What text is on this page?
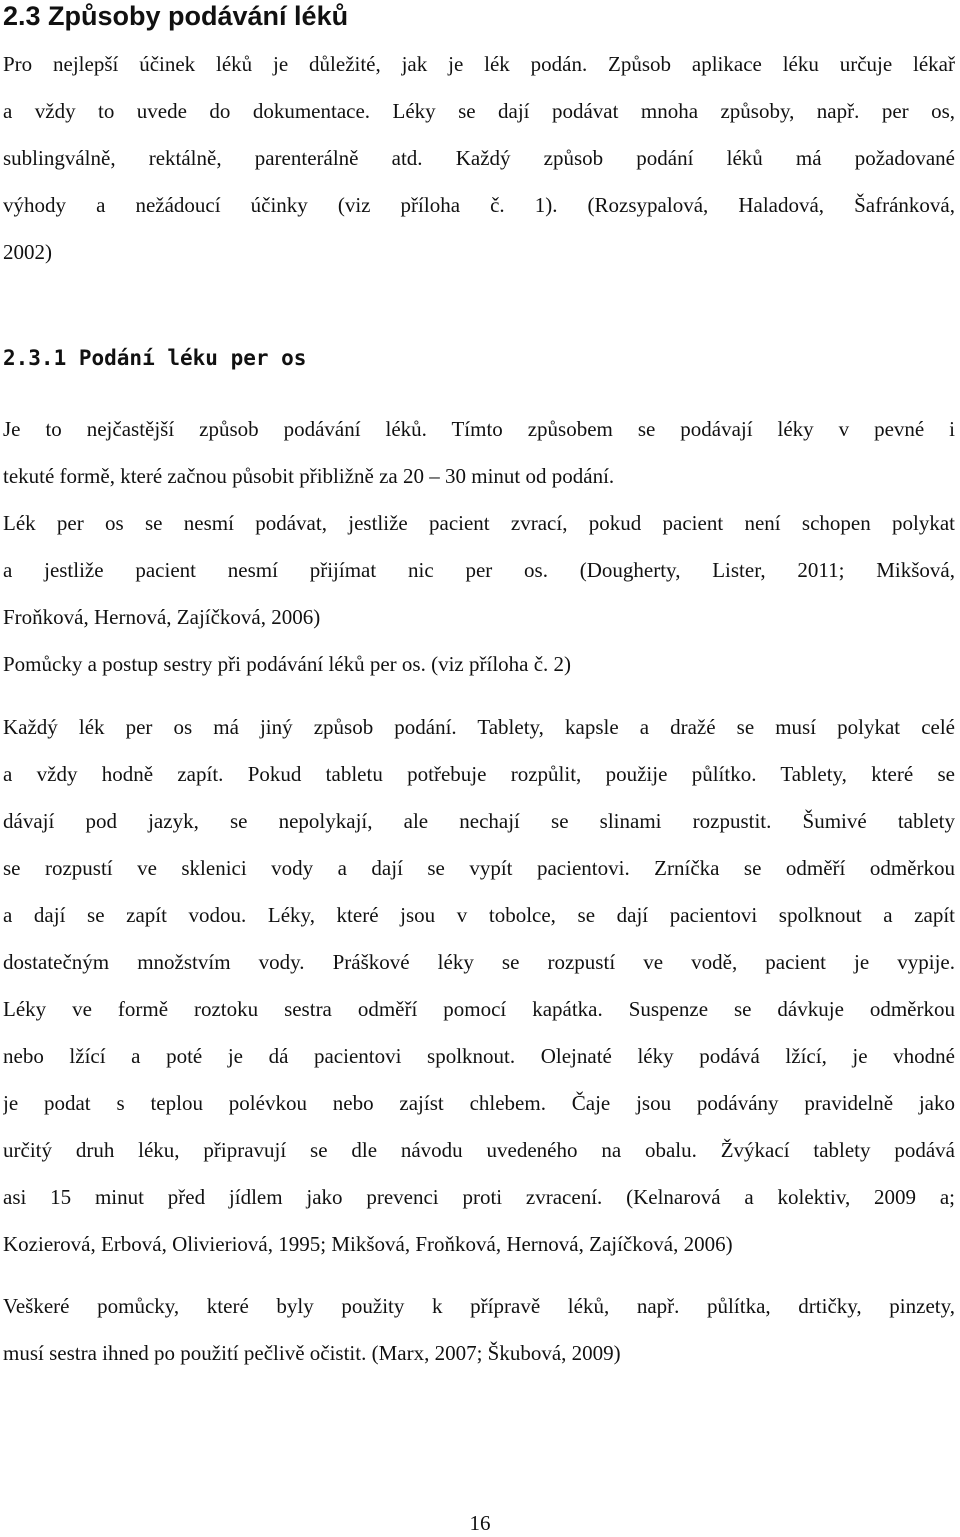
2.3 Způsoby podávání léků
Pro nejlepší účinek léků je důležité, jak je lék podán. Způsob aplikace léku určuje lékař
a vždy to uvede do dokumentace. Léky se dají podávat mnoha způsoby, např. per os,
sublingválně, rektálně, parenterálně atd. Každý způsob podání léků má požadované
výhody a nežádoucí účinky (viz příloha č. 1). (Rozsypalová, Haladová, Šafránková,
2002)
2.3.1 Podání léku per os
Je to nejčastější způsob podávání léků. Tímto způsobem se podávají léky v pevné i
tekuté formě, které začnou působit přibližně za 20 – 30 minut od podání.
Lék per os se nesmí podávat, jestliže pacient zvrací, pokud pacient není schopen polykat
a jestliže pacient nesmí přijímat nic per os. (Dougherty, Lister, 2011; Mikšová,
Froňková, Hernová, Zajíčková, 2006)
Pomůcky a postup sestry při podávání léků per os. (viz příloha č. 2)
Každý lék per os má jiný způsob podání. Tablety, kapsle a dražé se musí polykat celé
a vždy hodně zapít. Pokud tabletu potřebuje rozpůlit, použije půlítko. Tablety, které se
dávají pod jazyk, se nepolykají, ale nechají se slinami rozpustit. Šumivé tablety
se rozpustí ve sklenici vody a dají se vypít pacientovi. Zrníčka se odměří odměrkou
a dají se zapít vodou. Léky, které jsou v tobolce, se dají pacientovi spolknout a zapít
dostatečným množstvím vody. Práškové léky se rozpustí ve vodě, pacient je vypije.
Léky ve formě roztoku sestra odměří pomocí kapátka. Suspenze se dávkuje odměrkou
nebo lžící a poté je dá pacientovi spolknout. Olejnaté léky podává lžící, je vhodné
je podat s teplou polévkou nebo zajíst chlebem. Čaje jsou podávány pravidelně jako
určitý druh léku, připravují se dle návodu uvedeného na obalu. Žvýkací tablety podává
asi 15 minut před jídlem jako prevenci proti zvracení. (Kelnarová a kolektiv, 2009 a;
Kozierová, Erbová, Olivieriová, 1995; Mikšová, Froňková, Hernová, Zajíčková, 2006)
Veškeré pomůcky, které byly použity k přípravě léků, např. půlítka, drtičky, pinzety,
musí sestra ihned po použití pečlivě očistit. (Marx, 2007; Škubová, 2009)
16
